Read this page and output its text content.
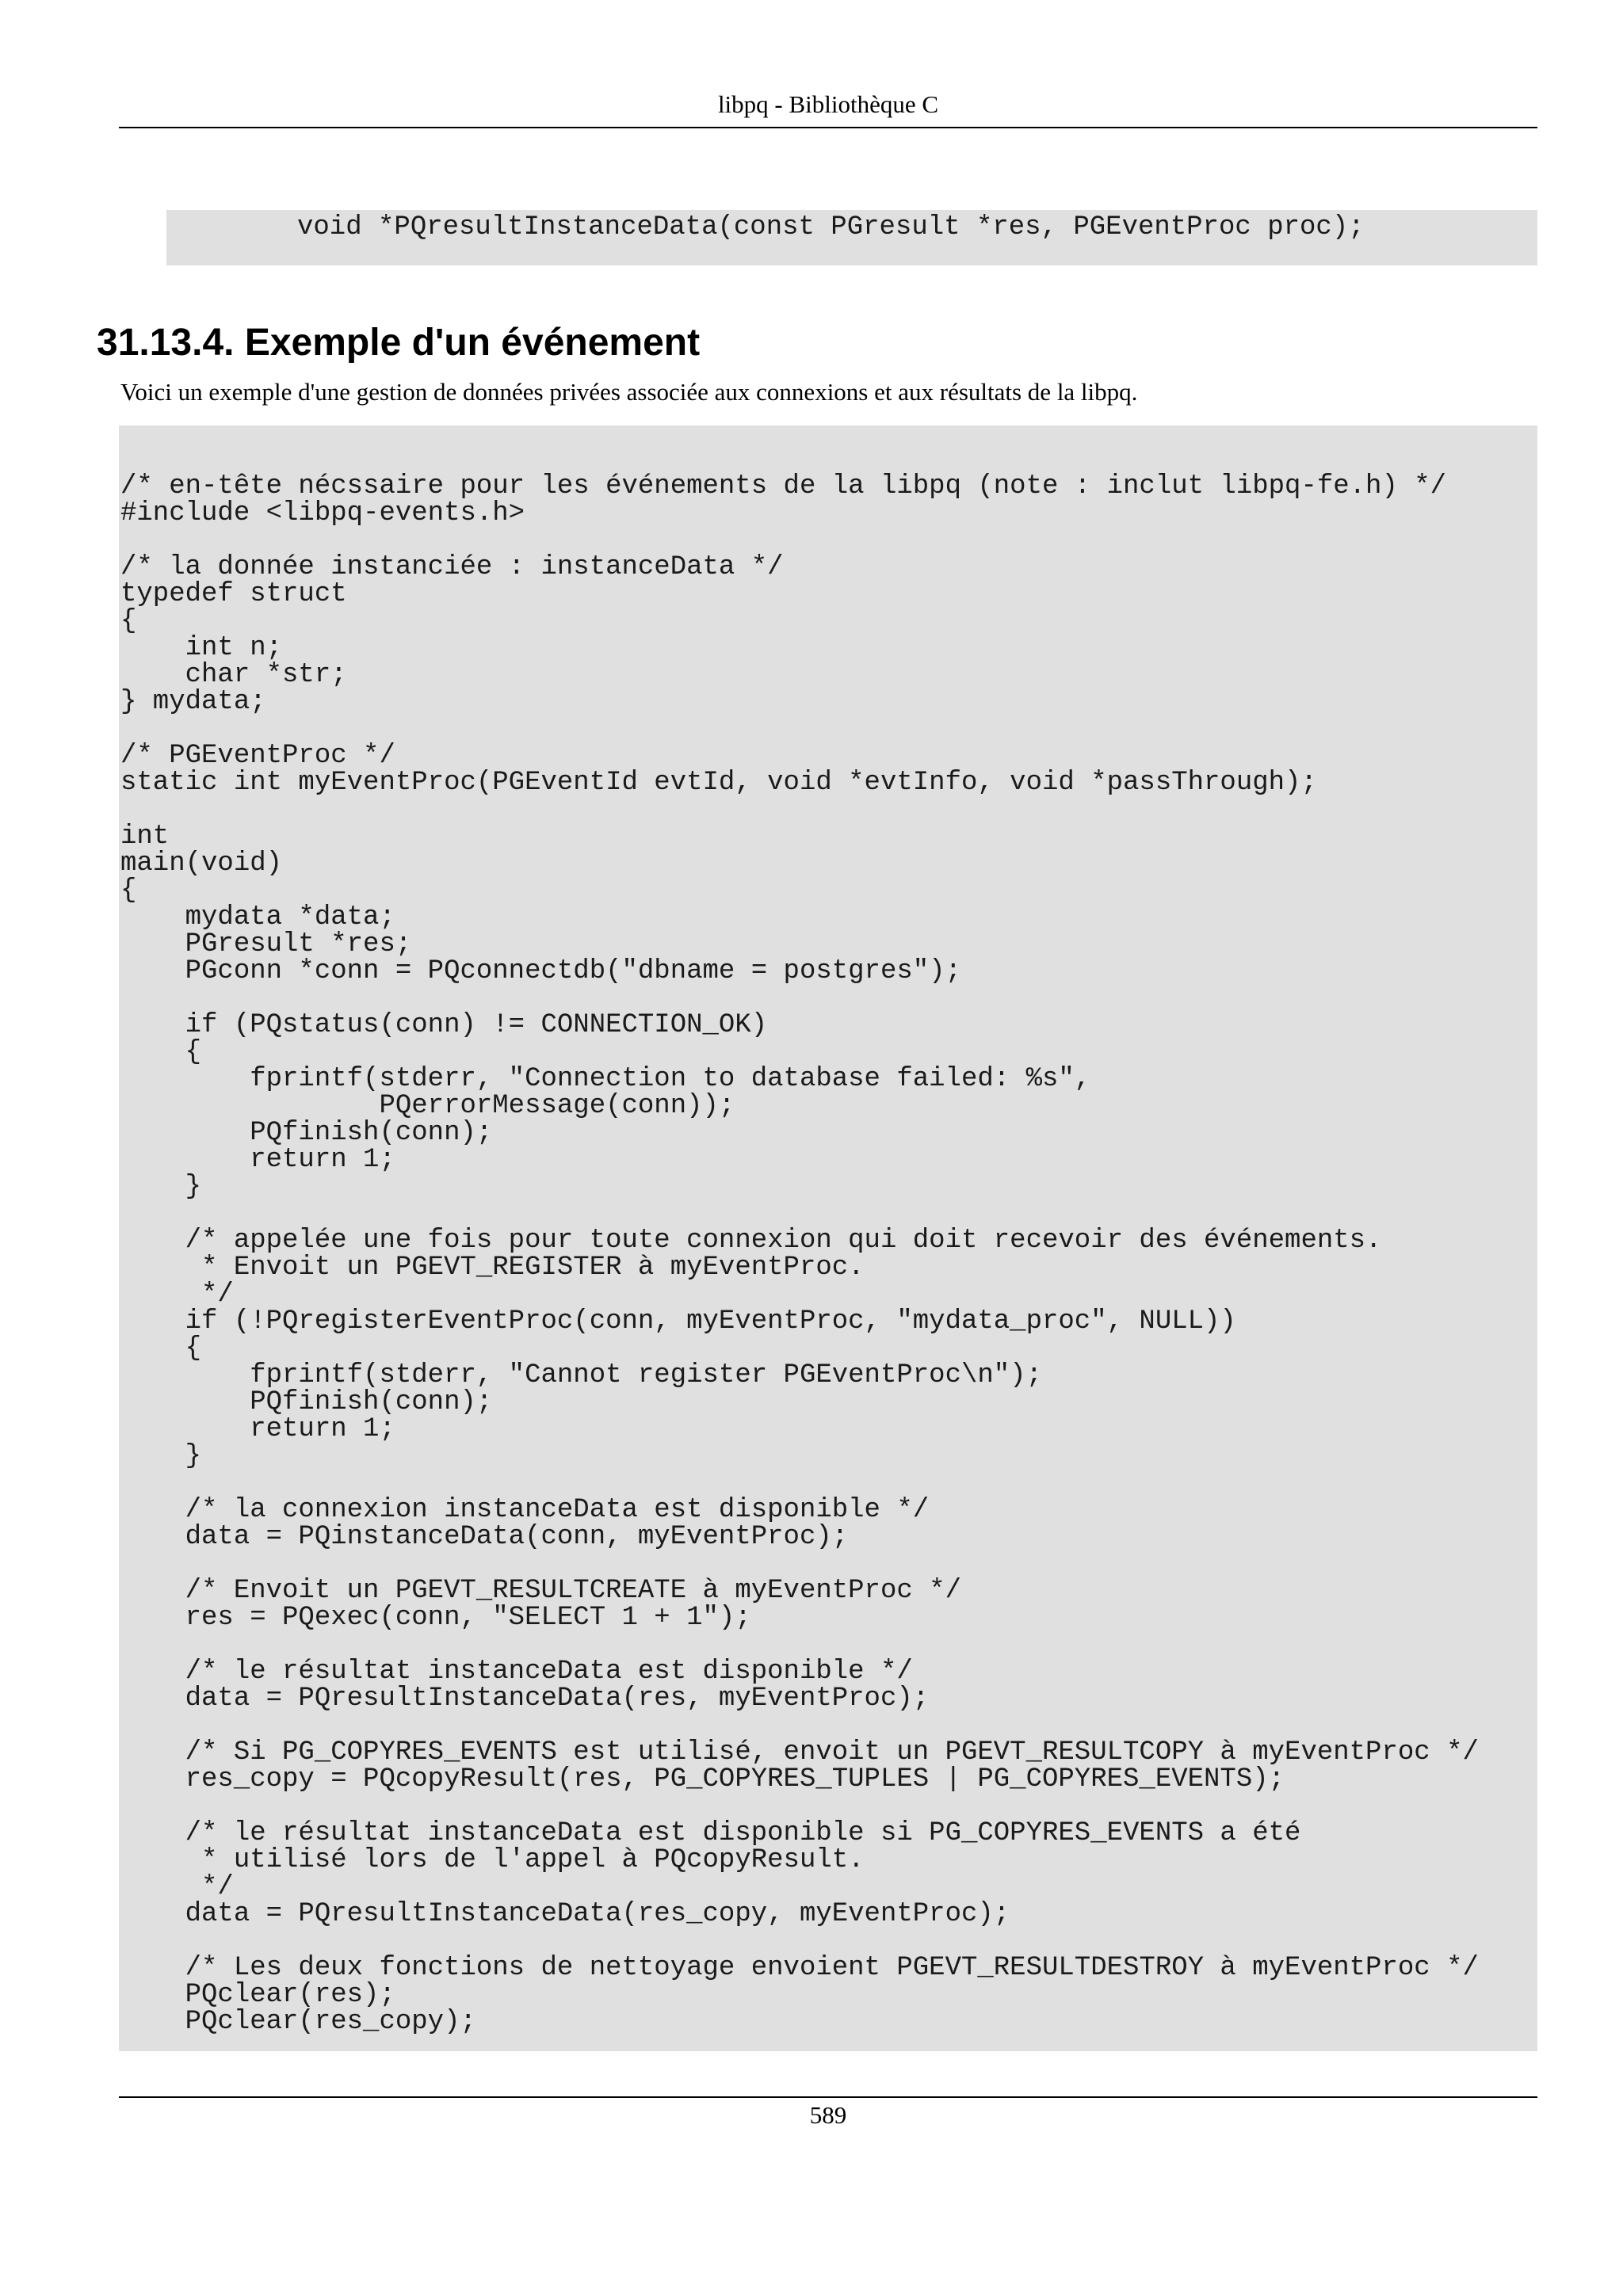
libpq - Bibliothèque C
void *PQresultInstanceData(const PGresult *res, PGEventProc proc);
31.13.4. Exemple d'un événement
Voici un exemple d'une gestion de données privées associée aux connexions et aux résultats de la libpq.
/* en-tête nécssaire pour les événements de la libpq (note : inclut libpq-fe.h) */
#include <libpq-events.h>

/* la donnée instanciée : instanceData */
typedef struct
{
int n;
char *str;
} mydata;

/* PGEventProc */
static int myEventProc(PGEventId evtId, void *evtInfo, void *passThrough);

int
main(void)
{
mydata *data;
PGresult *res;
PGconn *conn = PQconnectdb("dbname = postgres");

if (PQstatus(conn) != CONNECTION_OK)
{
fprintf(stderr, "Connection to database failed: %s",
PQerrorMessage(conn));
PQfinish(conn);
return 1;
}

/* appelée une fois pour toute connexion qui doit recevoir des événements.
* Envoit un PGEVT_REGISTER à myEventProc.
*/
if (!PQregisterEventProc(conn, myEventProc, "mydata_proc", NULL))
{
fprintf(stderr, "Cannot register PGEventProc\n");
PQfinish(conn);
return 1;
}

/* la connexion instanceData est disponible */
data = PQinstanceData(conn, myEventProc);

/* Envoit un PGEVT_RESULTCREATE à myEventProc */
res = PQexec(conn, "SELECT 1 + 1");

/* le résultat instanceData est disponible */
data = PQresultInstanceData(res, myEventProc);

/* Si PG_COPYRES_EVENTS est utilisé, envoit un PGEVT_RESULTCOPY à myEventProc */
res_copy = PQcopyResult(res, PG_COPYRES_TUPLES | PG_COPYRES_EVENTS);

/* le résultat instanceData est disponible si PG_COPYRES_EVENTS a été
* utilisé lors de l'appel à PQcopyResult.
*/
data = PQresultInstanceData(res_copy, myEventProc);

/* Les deux fonctions de nettoyage envoient PGEVT_RESULTDESTROY à myEventProc */
PQclear(res);
PQclear(res_copy);
589
